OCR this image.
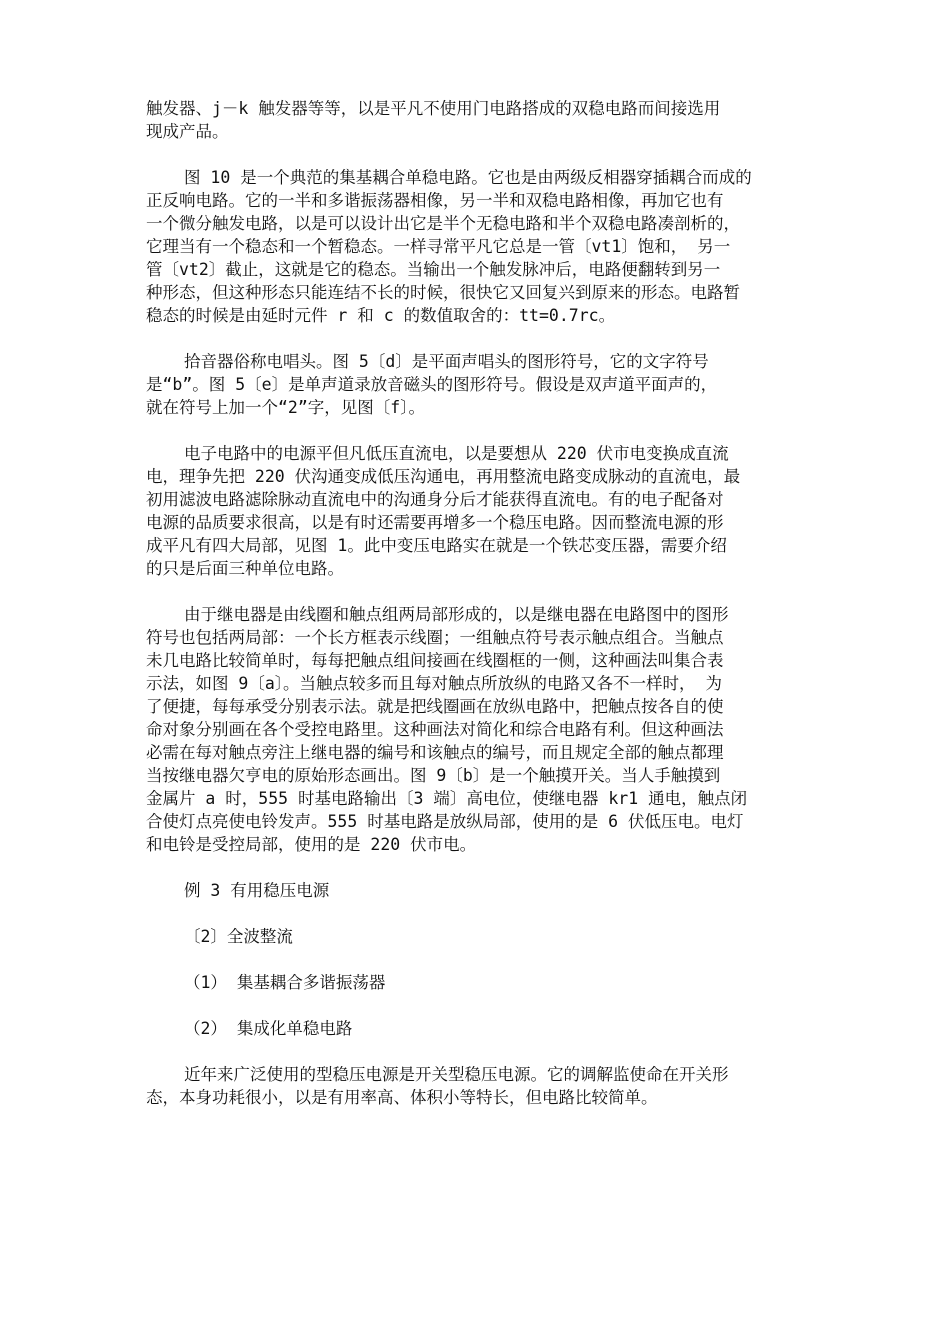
触发器、j－k 触发器等等，以是平凡不使用门电路搭成的双稳电路而间接选用
现成产品。

图 10 是一个典范的集基耦合单稳电路。它也是由两级反相器穿插耦合而成的
正反响电路。它的一半和多谐振荡器相像，另一半和双稳电路相像，再加它也有
一个微分触发电路，以是可以设计出它是半个无稳电路和半个双稳电路凑剖析的，
它理当有一个稳态和一个暂稳态。一样寻常平凡它总是一管〔vt1〕饱和， 另一
管〔vt2〕截止，这就是它的稳态。当输出一个触发脉冲后，电路便翻转到另一
种形态，但这种形态只能连结不长的时候，很快它又回复兴到原来的形态。电路暂
稳态的时候是由延时元件 r 和 c 的数值取舍的：tt=0.7rc。

拾音器俗称电唱头。图 5〔d〕是平面声唱头的图形符号，它的文字符号
是“b”。图 5〔e〕是单声道录放音磁头的图形符号。假设是双声道平面声的，
就在符号上加一个“2”字，见图〔f〕。

电子电路中的电源平但凡低压直流电，以是要想从 220 伏市电变换成直流
电，理争先把 220 伏沟通变成低压沟通电，再用整流电路变成脉动的直流电，最
初用滤波电路滤除脉动直流电中的沟通身分后才能获得直流电。有的电子配备对
电源的品质要求很高，以是有时还需要再增多一个稳压电路。因而整流电源的形
成平凡有四大局部，见图 1。此中变压电路实在就是一个铁芯变压器，需要介绍
的只是后面三种单位电路。

由于继电器是由线圈和触点组两局部形成的，以是继电器在电路图中的图形
符号也包括两局部：一个长方框表示线圈；一组触点符号表示触点组合。当触点
未几电路比较简单时，每每把触点组间接画在线圈框的一侧，这种画法叫集合表
示法，如图 9〔a〕。当触点较多而且每对触点所放纵的电路又各不一样时， 为
了便捷，每每承受分别表示法。就是把线圈画在放纵电路中，把触点按各自的使
命对象分别画在各个受控电路里。这种画法对简化和综合电路有利。但这种画法
必需在每对触点旁注上继电器的编号和该触点的编号，而且规定全部的触点都理
当按继电器欠亨电的原始形态画出。图 9〔b〕是一个触摸开关。当人手触摸到
金属片 a 时，555 时基电路输出〔3 端〕高电位，使继电器 kr1 通电，触点闭
合使灯点亮使电铃发声。555 时基电路是放纵局部，使用的是 6 伏低压电。电灯
和电铃是受控局部，使用的是 220 伏市电。

例 3 有用稳压电源

〔2〕全波整流

（1） 集基耦合多谐振荡器

（2） 集成化单稳电路

近年来广泛使用的型稳压电源是开关型稳压电源。它的调解监使命在开关形
态，本身功耗很小，以是有用率高、体积小等特长，但电路比较简单。
